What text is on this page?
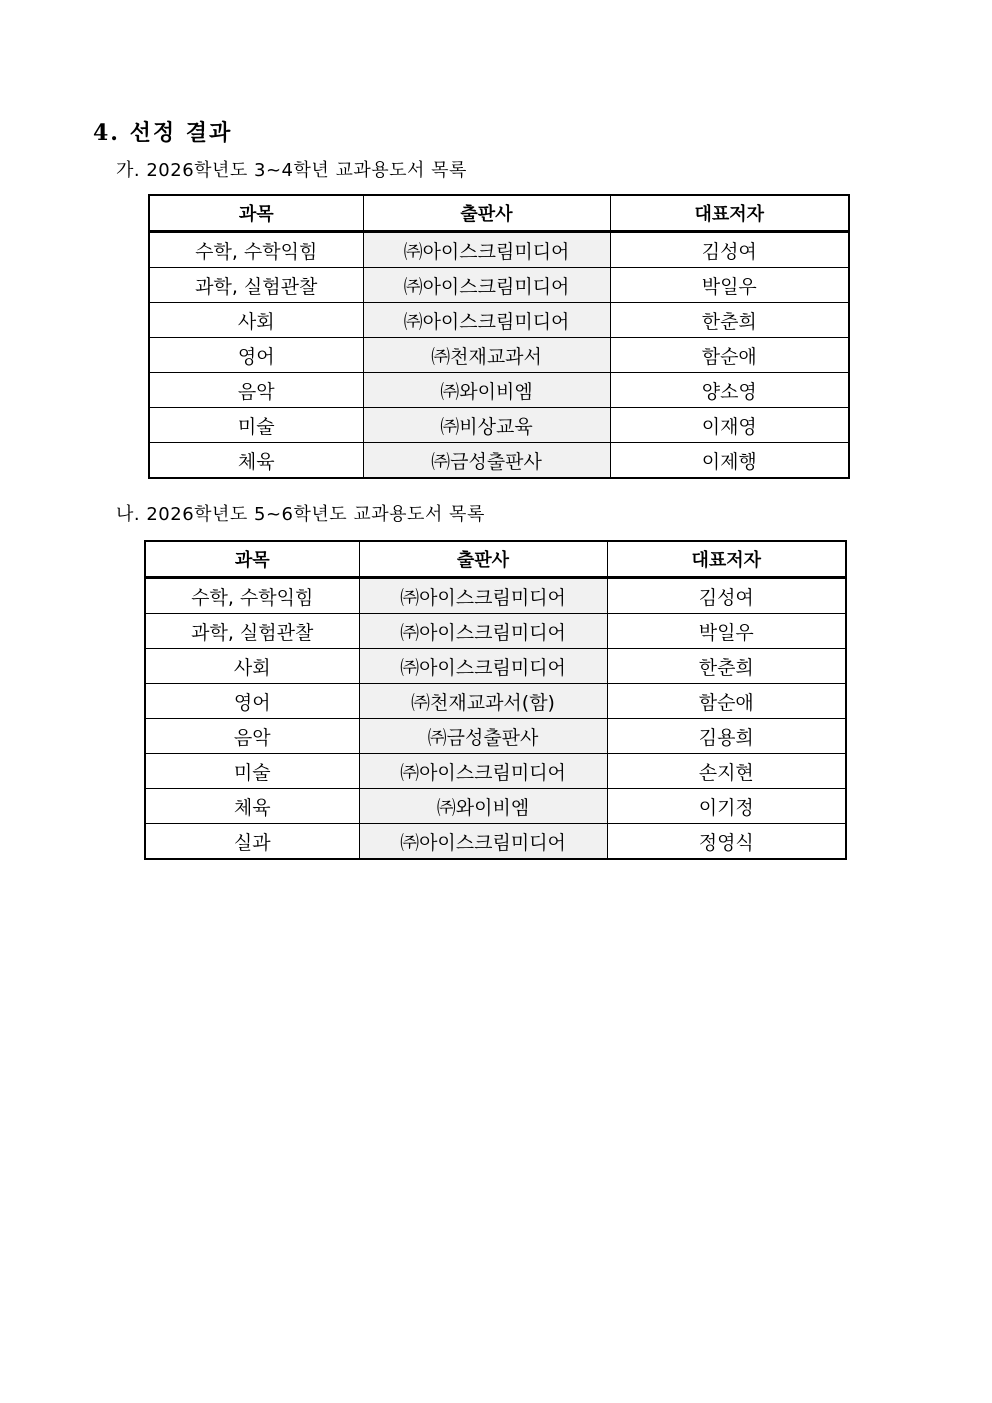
4. 선정 결과
가. 2026학년도 3~4학년 교과용도서 목록
과목	출판사	대표저자
수학, 수학익힘	㈜아이스크림미디어	김성여
과학, 실험관찰	㈜아이스크림미디어	박일우
사회	㈜아이스크림미디어	한춘희
영어	㈜천재교과서	함순애
음악	㈜와이비엠	양소영
미술	㈜비상교육	이재영
체육	㈜금성출판사	이제행
나. 2026학년도 5~6학년도 교과용도서 목록
과목	출판사	대표저자
수학, 수학익힘	㈜아이스크림미디어	김성여
과학, 실험관찰	㈜아이스크림미디어	박일우
사회	㈜아이스크림미디어	한춘희
영어	㈜천재교과서(함)	함순애
음악	㈜금성출판사	김용희
미술	㈜아이스크림미디어	손지현
체육	㈜와이비엠	이기정
실과	㈜아이스크림미디어	정영식
